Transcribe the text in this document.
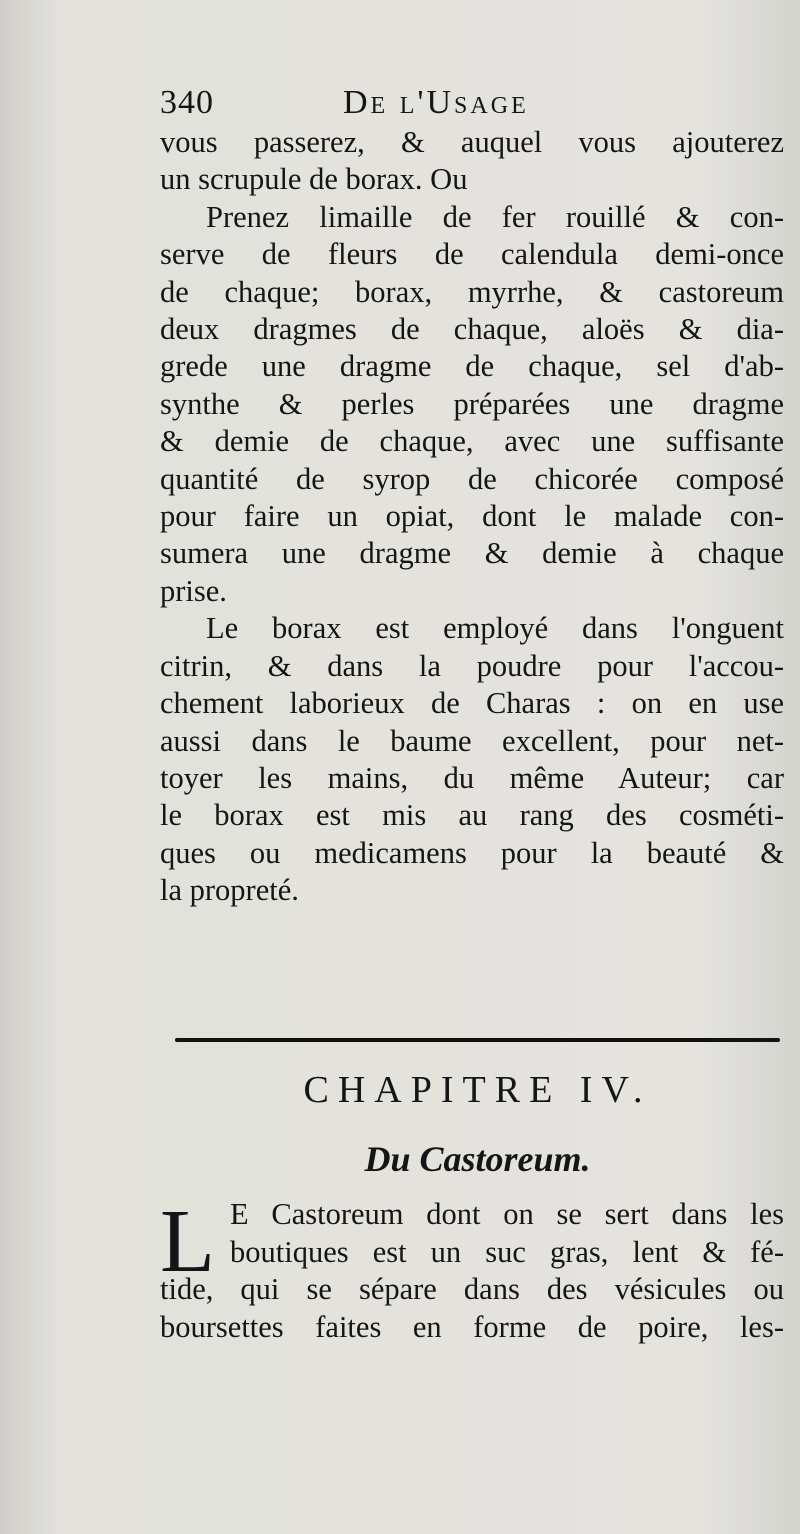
340	De l'Usage
vous passerez, & auquel vous ajouterez
un scrupule de borax. Ou
Prenez limaille de fer rouillé & con-
serve de fleurs de calendula demi-once
de chaque; borax, myrrhe, & castoreum
deux dragmes de chaque, aloës & dia-
grede une dragme de chaque, sel d'ab-
synthe & perles préparées une dragme
& demie de chaque, avec une suffisante
quantité de syrop de chicorée composé
pour faire un opiat, dont le malade con-
sumera une dragme & demie à chaque
prise.
Le borax est employé dans l'onguent
citrin, & dans la poudre pour l'accou-
chement laborieux de Charas : on en use
aussi dans le baume excellent, pour net-
toyer les mains, du même Auteur; car
le borax est mis au rang des cosméti-
ques ou medicamens pour la beauté &
la propreté.
CHAPITRE IV.
Du Castoreum.
L E Castoreum dont on se sert dans les
boutiques est un suc gras, lent & fé-
tide, qui se sépare dans des vésicules ou
boursettes faites en forme de poire, les-
